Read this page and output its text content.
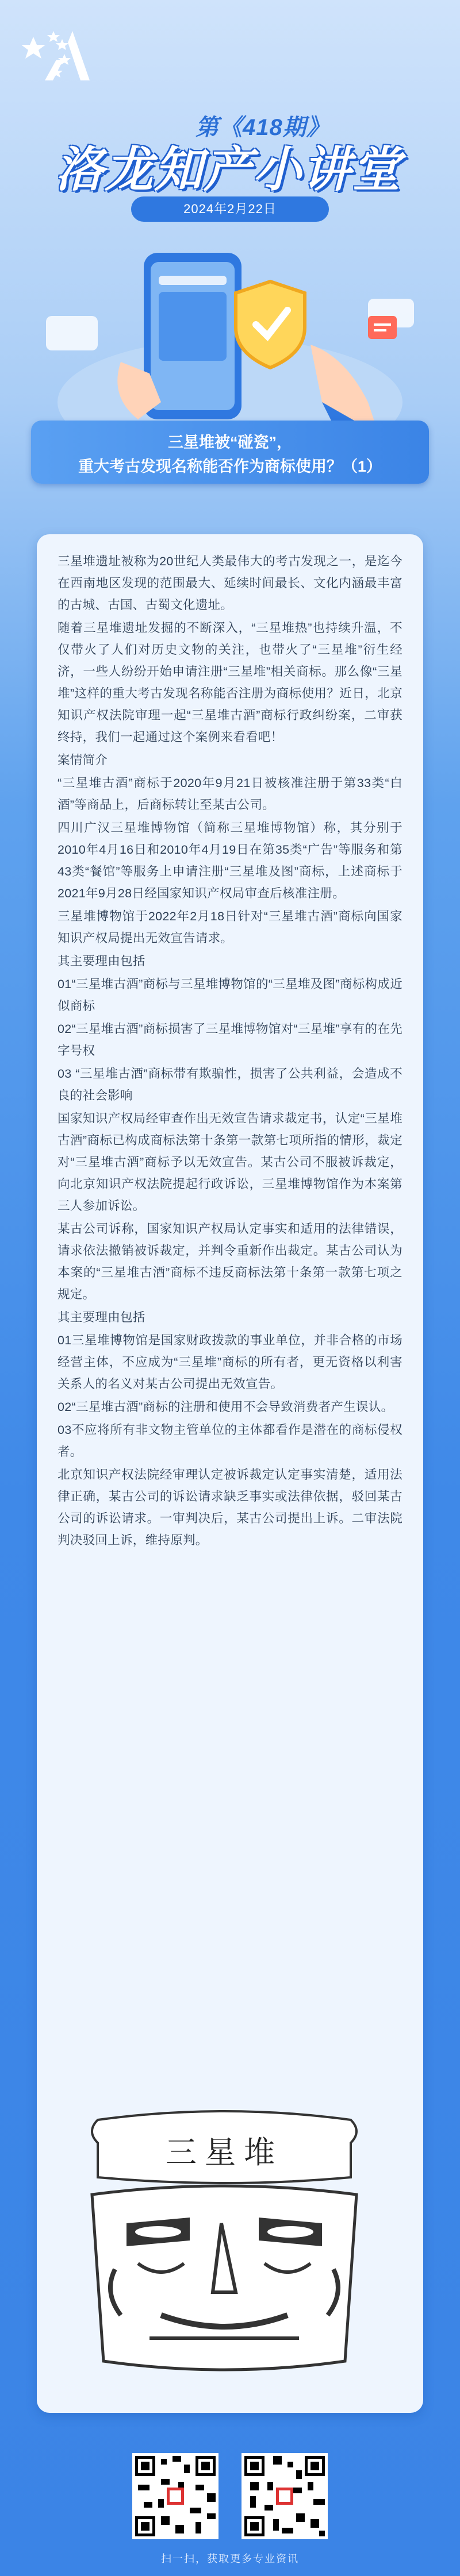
第《418期》
洛龙知产小讲堂
2024年2月22日
三星堆被“碰瓷”，
重大考古发现名称能否作为商标使用？（1）

三星堆遗址被称为20世纪人类最伟大的考古发现之一，是迄今在西南地区发现的范围最大、延续时间最长、文化内涵最丰富的古城、古国、古蜀文化遗址。

随着三星堆遗址发掘的不断深入，“三星堆热”也持续升温，不仅带火了人们对历史文物的关注，也带火了“三星堆”衍生经济，一些人纷纷开始申请注册“三星堆”相关商标。那么像“三星堆”这样的重大考古发现名称能否注册为商标使用？近日，北京知识产权法院审理一起“三星堆古酒”商标行政纠纷案，二审获终持，我们一起通过这个案例来看看吧！

案情简介

“三星堆古酒”商标于2020年9月21日被核准注册于第33类“白酒”等商品上，后商标转让至某古公司。

四川广汉三星堆博物馆（简称三星堆博物馆）称，其分别于2010年4月16日和2010年4月19日在第35类“广告”等服务和第43类“餐馆”等服务上申请注册“三星堆及图”商标，上述商标于2021年9月28日经国家知识产权局审查后核准注册。

三星堆博物馆于2022年2月18日针对“三星堆古酒”商标向国家知识产权局提出无效宣告请求。

其主要理由包括

01“三星堆古酒”商标与三星堆博物馆的“三星堆及图”商标构成近似商标

02“三星堆古酒”商标损害了三星堆博物馆对“三星堆”享有的在先字号权

03 “三星堆古酒”商标带有欺骗性，损害了公共利益，会造成不良的社会影响

国家知识产权局经审查作出无效宣告请求裁定书，认定“三星堆古酒”商标已构成商标法第十条第一款第七项所指的情形，裁定对“三星堆古酒”商标予以无效宣告。某古公司不服被诉裁定，向北京知识产权法院提起行政诉讼，三星堆博物馆作为本案第三人参加诉讼。

某古公司诉称，国家知识产权局认定事实和适用的法律错误，请求依法撤销被诉裁定，并判令重新作出裁定。某古公司认为本案的“三星堆古酒”商标不违反商标法第十条第一款第七项之规定。

其主要理由包括

01三星堆博物馆是国家财政拨款的事业单位，并非合格的市场经营主体，不应成为“三星堆”商标的所有者，更无资格以利害关系人的名义对某古公司提出无效宣告。

02“三星堆古酒”商标的注册和使用不会导致消费者产生误认。

03不应将所有非文物主管单位的主体都看作是潜在的商标侵权者。

北京知识产权法院经审理认定被诉裁定认定事实清楚，适用法律正确，某古公司的诉讼请求缺乏事实或法律依据，驳回某古公司的诉讼请求。一审判决后，某古公司提出上诉。二审法院判决驳回上诉，维持原判。

三星堆
扫一扫，获取更多专业资讯
